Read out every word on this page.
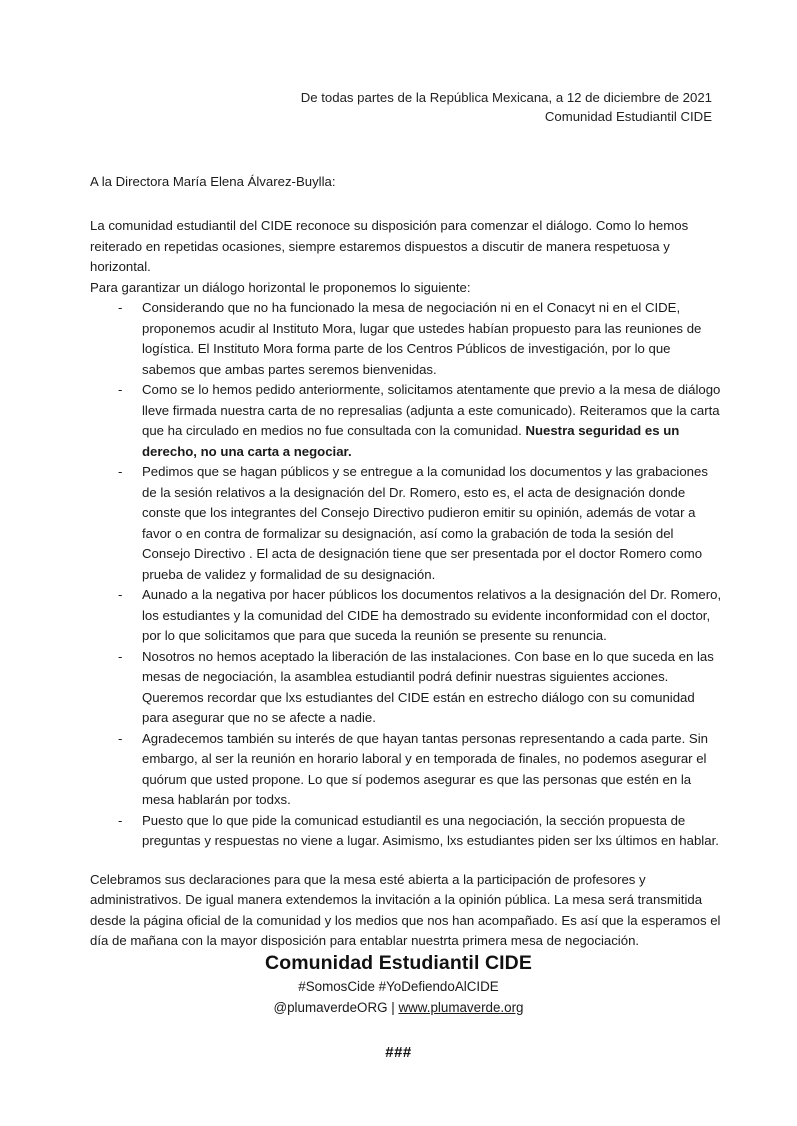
De todas partes de la República Mexicana, a 12 de diciembre de 2021
Comunidad Estudiantil CIDE

A la Directora María Elena Álvarez-Buylla:

La comunidad estudiantil del CIDE reconoce su disposición para comenzar el diálogo. Como lo hemos reiterado en repetidas ocasiones, siempre estaremos dispuestos a discutir de manera respetuosa y horizontal.

Para garantizar un diálogo horizontal le proponemos lo siguiente:

- Considerando que no ha funcionado la mesa de negociación ni en el Conacyt ni en el CIDE, proponemos acudir al Instituto Mora, lugar que ustedes habían propuesto para las reuniones de logística. El Instituto Mora forma parte de los Centros Públicos de investigación, por lo que sabemos que ambas partes seremos bienvenidas.
- Como se lo hemos pedido anteriormente, solicitamos atentamente que previo a la mesa de diálogo lleve firmada nuestra carta de no represalias (adjunta a este comunicado). Reiteramos que la carta que ha circulado en medios no fue consultada con la comunidad. Nuestra seguridad es un derecho, no una carta a negociar.
- Pedimos que se hagan públicos y se entregue a la comunidad los documentos y las grabaciones de la sesión relativos a la designación del Dr. Romero, esto es, el acta de designación donde conste que los integrantes del Consejo Directivo pudieron emitir su opinión, además de votar a favor o en contra de formalizar su designación, así como la grabación de toda la sesión del Consejo Directivo . El acta de designación tiene que ser presentada por el doctor Romero como prueba de validez y formalidad de su designación.
- Aunado a la negativa por hacer públicos los documentos relativos a la designación del Dr. Romero, los estudiantes y la comunidad del CIDE ha demostrado su evidente inconformidad con el doctor, por lo que solicitamos que para que suceda la reunión se presente su renuncia.
- Nosotros no hemos aceptado la liberación de las instalaciones. Con base en lo que suceda en las mesas de negociación, la asamblea estudiantil podrá definir nuestras siguientes acciones. Queremos recordar que lxs estudiantes del CIDE están en estrecho diálogo con su comunidad para asegurar que no se afecte a nadie.
- Agradecemos también su interés de que hayan tantas personas representando a cada parte. Sin embargo, al ser la reunión en horario laboral y en temporada de finales, no podemos asegurar el quórum que usted propone. Lo que sí podemos asegurar es que las personas que estén en la mesa hablarán por todxs.
- Puesto que lo que pide la comunicad estudiantil es una negociación, la sección propuesta de preguntas y respuestas no viene a lugar. Asimismo, lxs estudiantes piden ser lxs últimos en hablar.

Celebramos sus declaraciones para que la mesa esté abierta a la participación de profesores y administrativos. De igual manera extendemos la invitación a la opinión pública. La mesa será transmitida desde la página oficial de la comunidad y los medios que nos han acompañado. Es así que la esperamos el día de mañana con la mayor disposición para entablar nuestrta primera mesa de negociación.

Comunidad Estudiantil CIDE
#SomosCide #YoDefiendoAlCIDE
@plumaverdeORG | www.plumaverde.org
###
